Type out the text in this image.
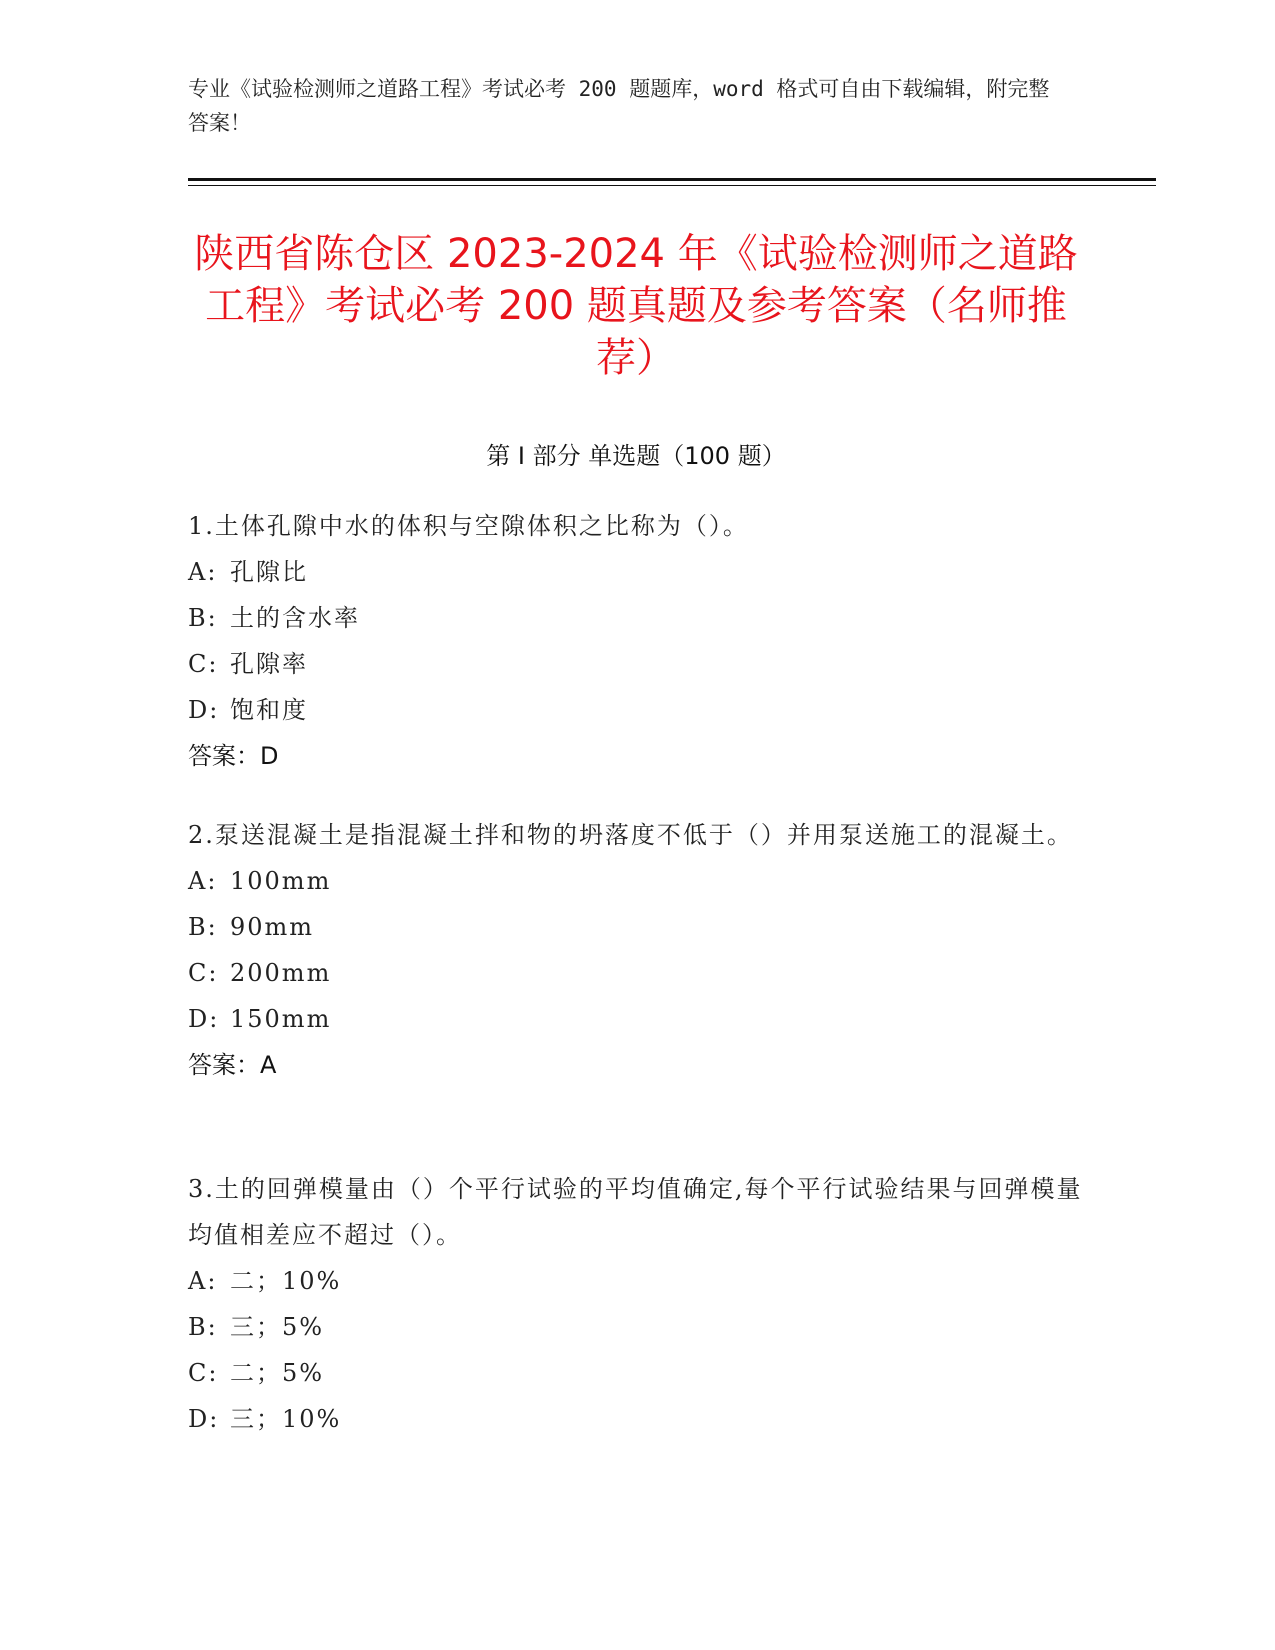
专业《试验检测师之道路工程》考试必考 200 题题库，word 格式可自由下载编辑，附完整答案！
陕西省陈仓区 2023-2024 年《试验检测师之道路工程》考试必考 200 题真题及参考答案（名师推荐）
第 I 部分 单选题（100 题）
1.土体孔隙中水的体积与空隙体积之比称为（）。
A: 孔隙比
B: 土的含水率
C: 孔隙率
D: 饱和度
答案：D
2.泵送混凝土是指混凝土拌和物的坍落度不低于（）并用泵送施工的混凝土。
A: 100mm
B: 90mm
C: 200mm
D: 150mm
答案：A
3.土的回弹模量由（）个平行试验的平均值确定,每个平行试验结果与回弹模量均值相差应不超过（）。
A: 二；10%
B: 三；5%
C: 二；5%
D: 三；10%
